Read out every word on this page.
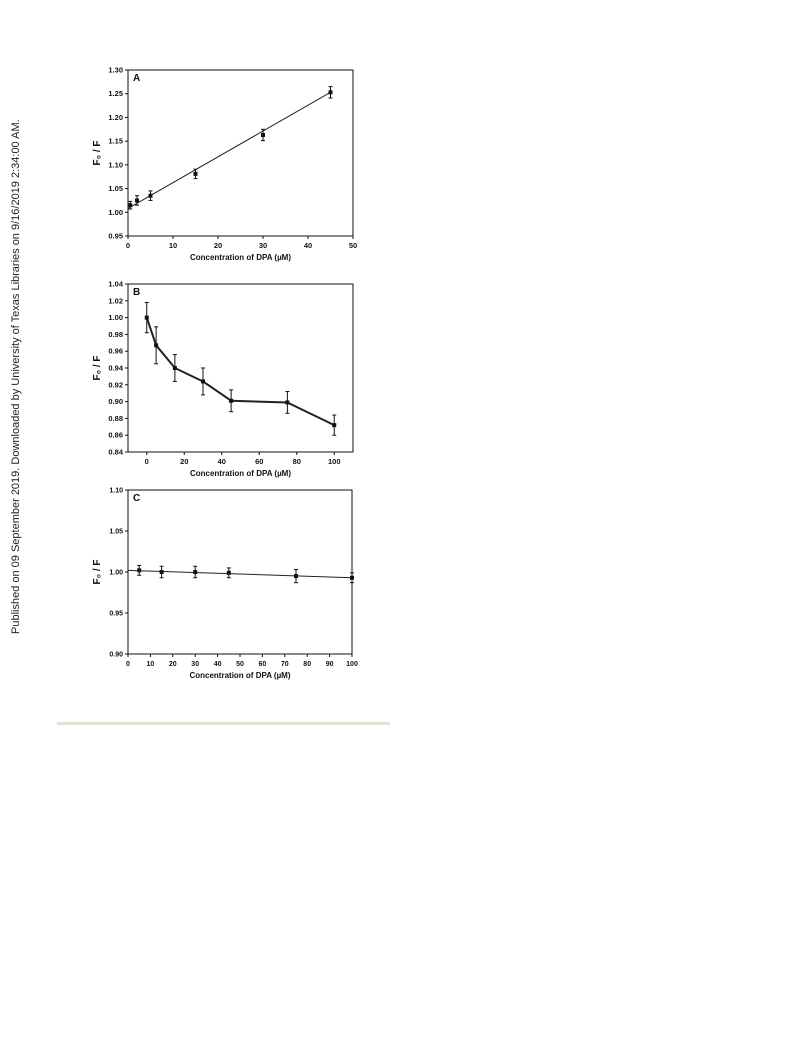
Published on 09 September 2019. Downloaded by University of Texas Libraries on 9/16/2019 2:34:00 AM.	0.95
1.00
1.05
1.10
1.15
1.20
1.25
1.30
0	10	20	30	40	50
A
Concentration of DPA (µM)
F₀ / F
0.84
0.86
0.88
0.90
0.92
0.94
0.96
0.98
1.00
1.02
1.04
0	20	40	60	80	100
B
Concentration of DPA (µM)
F₀ / F
0.90
0.95
1.00
1.05
1.10
0 10 20 30 40 50 60 70 80 90 100
C
Concentration of DPA (µM)
F₀ / F
